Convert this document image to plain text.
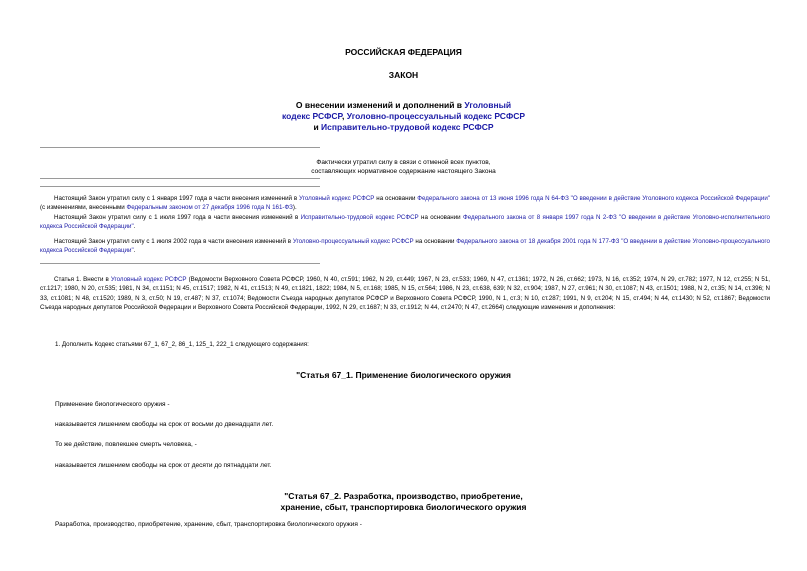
РОССИЙСКАЯ ФЕДЕРАЦИЯ
ЗАКОН
О внесении изменений и дополнений в Уголовный
кодекс РСФСР, Уголовно-процессуальный кодекс РСФСР
и Исправительно-трудовой кодекс РСФСР
Фактически утратил силу в связи с отменой всех пунктов,
составляющих нормативное содержание настоящего Закона
Настоящий Закон утратил силу с 1 января 1997 года в части внесения изменений в Уголовный кодекс РСФСР на основании Федерального закона от 13 июня 1996 года N 64-ФЗ "О введении в действие Уголовного кодекса Российской Федерации" (с изменениями, внесенными Федеральным законом от 27 декабря 1996 года N 161-ФЗ).
Настоящий Закон утратил силу с 1 июля 1997 года в части внесения изменений в Исправительно-трудовой кодекс РСФСР на основании Федерального закона от 8 января 1997 года N 2-ФЗ "О введении в действие Уголовно-исполнительного кодекса Российской Федерации".
Настоящий Закон утратил силу с 1 июля 2002 года в части внесения изменений в Уголовно-процессуальный кодекс РСФСР на основании Федерального закона от 18 декабря 2001 года N 177-ФЗ "О введении в действие Уголовно-процессуального кодекса Российской Федерации".
Статья 1. Внести в Уголовный кодекс РСФСР (Ведомости Верховного Совета РСФСР, 1960, N 40, ст.591; 1962, N 29, ст.449; 1967, N 23, ст.533; 1969, N 47, ст.1361; 1972, N 26, ст.662; 1973, N 16, ст.352; 1974, N 29, ст.782; 1977, N 12, ст.255; N 51, ст.1217; 1980, N 20, ст.535; 1981, N 34, ст.1151; N 45, ст.1517; 1982, N 41, ст.1513; N 49, ст.1821, 1822; 1984, N 5, ст.168; 1985, N 15, ст.564; 1986, N 23, ст.638, 639; N 32, ст.904; 1987, N 27, ст.961; N 30, ст.1087; N 43, ст.1501; 1988, N 2, ст.35; N 14, ст.396; N 33, ст.1081; N 48, ст.1520; 1989, N 3, ст.50; N 19, ст.487; N 37, ст.1074; Ведомости Съезда народных депутатов РСФСР и Верховного Совета РСФСР, 1990, N 1, ст.3; N 10, ст.287; 1991, N 9, ст.204; N 15, ст.494; N 44, ст.1430; N 52, ст.1867; Ведомости Съезда народных депутатов Российской Федерации и Верховного Совета Российской Федерации, 1992, N 29, ст.1687; N 33, ст.1912; N 44, ст.2470; N 47, ст.2664) следующие изменения и дополнения:
1. Дополнить Кодекс статьями 67_1, 67_2, 86_1, 125_1, 222_1 следующего содержания:
"Статья 67_1. Применение биологического оружия
Применение биологического оружия -
наказывается лишением свободы на срок от восьми до двенадцати лет.
То же действие, повлекшее смерть человека, -
наказывается лишением свободы на срок от десяти до пятнадцати лет.
"Статья 67_2. Разработка, производство, приобретение,
хранение, сбыт, транспортировка биологического оружия
Разработка, производство, приобретение, хранение, сбыт, транспортировка биологического оружия -
